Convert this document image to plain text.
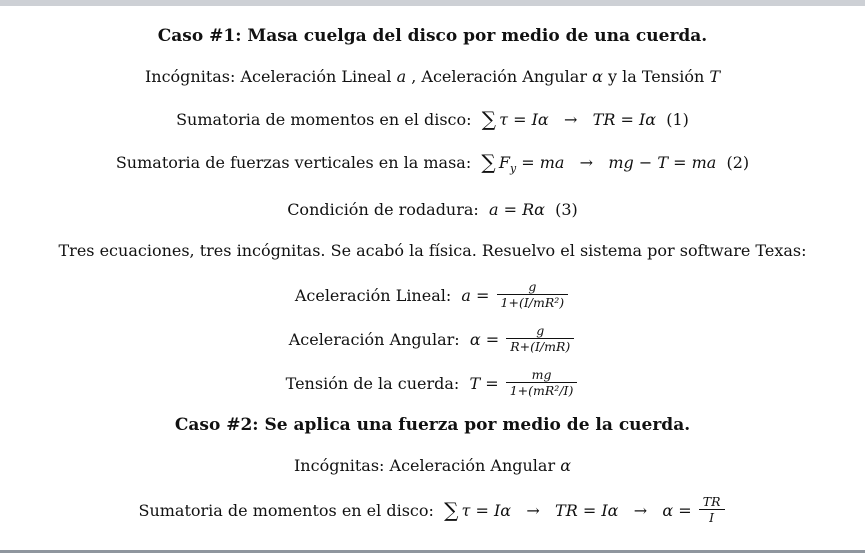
Caso #1: Masa cuelga del disco por medio de una cuerda.
Incógnitas: Aceleración Lineal a , Aceleración Angular α y la Tensión T
Sumatoria de momentos en el disco:  ∑ τ = Iα   →   TR = Iα  (1)
Sumatoria de fuerzas verticales en la masa:  ∑ $F_y$ = ma   →   mg − T = ma  (2)
Condición de rodadura:  a = Rα  (3)
Tres ecuaciones, tres incógnitas. Se acabó la física. Resuelvo el sistema por software Texas:
Aceleración Lineal:  $a = \frac{g}{\text{1+(I/mR²)}}$
Aceleración Angular:  $\alpha = \frac{g}{R+(I/mR)}$
Tensión de la cuerda:  $T = \frac{mg}{\text{1+(mR²/I)}}$
Caso #2: Se aplica una fuerza por medio de la cuerda.
Incógnitas: Aceleración Angular α
Sumatoria de momentos en el disco:  ∑ τ = Iα   →   TR = $I\alpha \to \alpha = \frac{TR}{I}$
